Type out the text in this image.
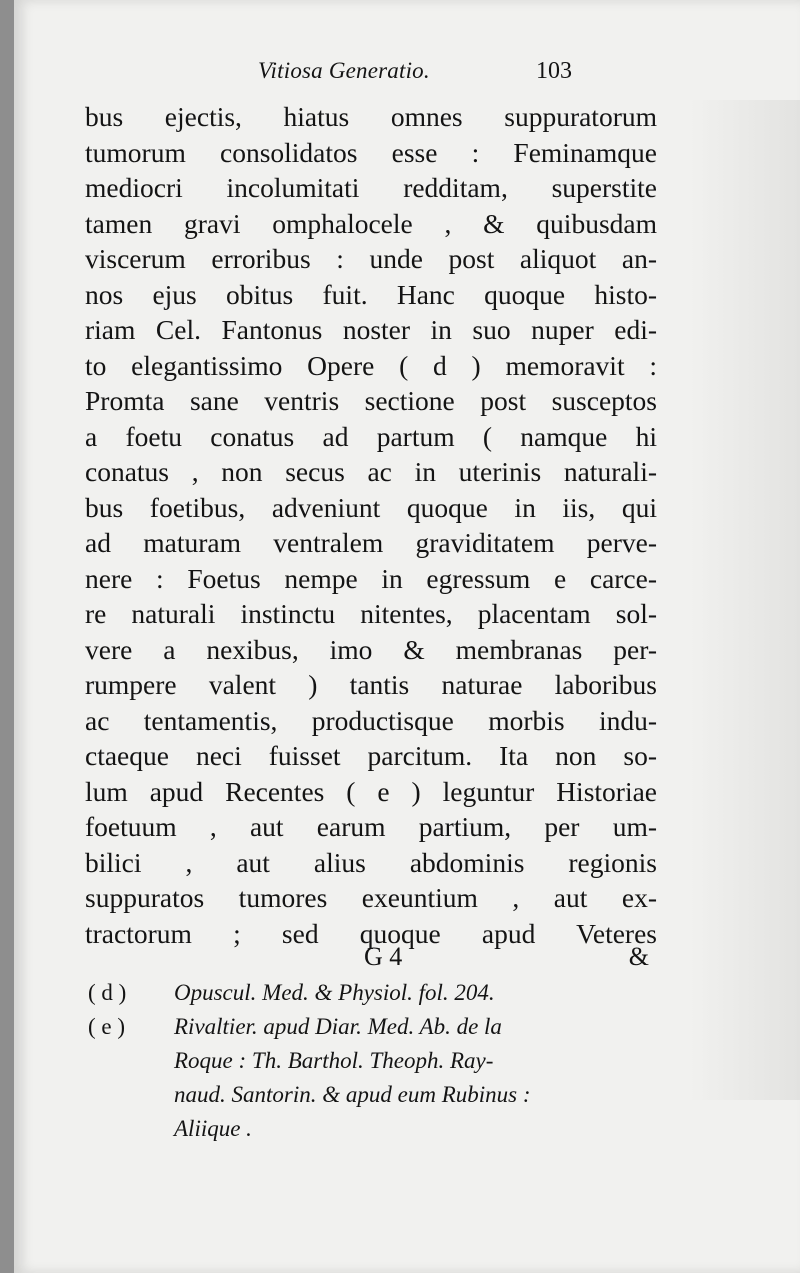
Vitiosa Generatio.	103
bus ejectis, hiatus omnes suppuratorum
tumorum consolidatos esse : Feminamque
mediocri incolumitati redditam, superstite
tamen gravi omphalocele , & quibusdam
viscerum erroribus : unde post aliquot an-
nos ejus obitus fuit. Hanc quoque histo-
riam Cel. Fantonus noster in suo nuper edi-
to elegantissimo Opere ( d ) memoravit :
Promta sane ventris sectione post susceptos
a foetu conatus ad partum ( namque hi
conatus , non secus ac in uterinis naturali-
bus foetibus, adveniunt quoque in iis, qui
ad maturam ventralem graviditatem perve-
nere : Foetus nempe in egressum e carce-
re naturali instinctu nitentes, placentam sol-
vere a nexibus, imo & membranas per-
rumpere valent ) tantis naturae laboribus
ac tentamentis, productisque morbis indu-
ctaeque neci fuisset parcitum. Ita non so-
lum apud Recentes ( e ) leguntur Historiae
foetuum , aut earum partium, per um-
bilici , aut alius abdominis regionis
suppuratos tumores exeuntium , aut ex-
tractorum ; sed quoque apud Veteres
G 4	&
( d ) Opuscul. Med. & Physiol. fol. 204.
( e ) Rivaltier. apud Diar. Med. Ab. de la
Roque : Th. Barthol. Theoph. Ray-
naud. Santorin. & apud eum Rubinus :
Aliique .
